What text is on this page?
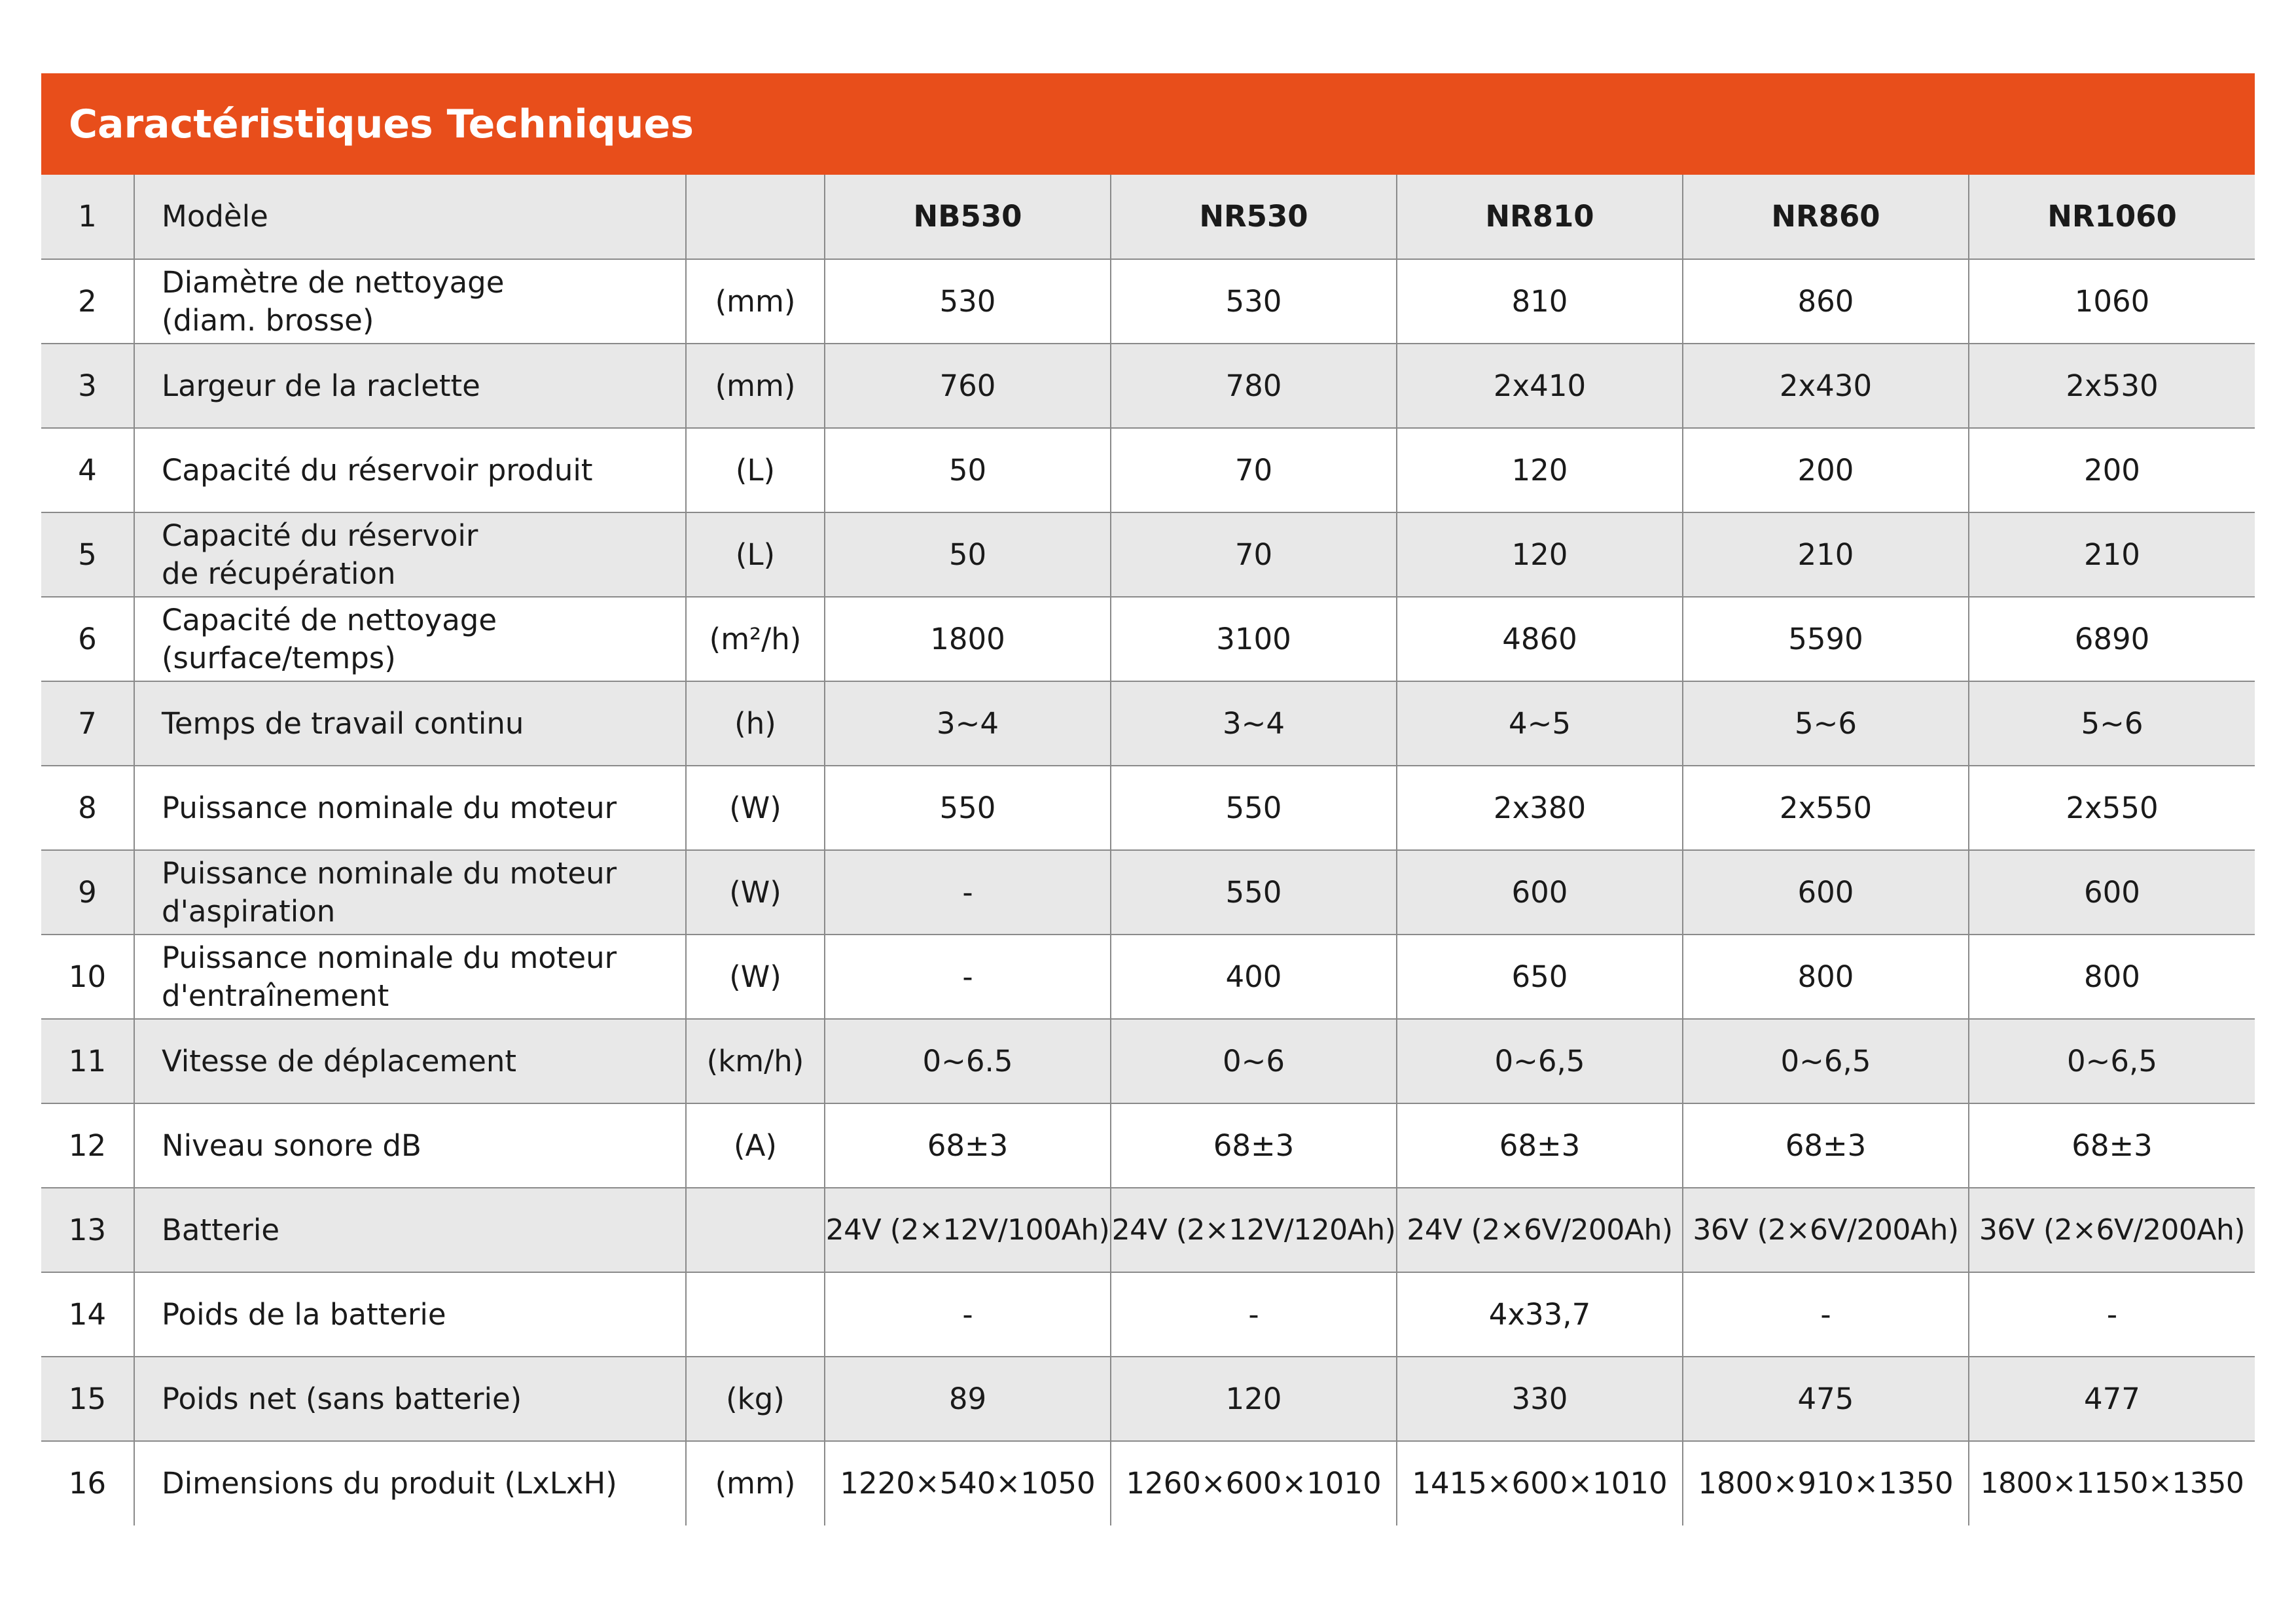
Caractéristiques Techniques
1	Modèle		NB530	NR530	NR810	NR860	NR1060
2	Diamètre de nettoyage
(diam. brosse)	(mm)	530	530	810	860	1060
3	Largeur de la raclette	(mm)	760	780	2x410	2x430	2x530
4	Capacité du réservoir produit	(L)	50	70	120	200	200
5	Capacité du réservoir
de récupération	(L)	50	70	120	210	210
6	Capacité de nettoyage
(surface/temps)	(m²/h)	1800	3100	4860	5590	6890
7	Temps de travail continu	(h)	3~4	3~4	4~5	5~6	5~6
8	Puissance nominale du moteur	(W)	550	550	2x380	2x550	2x550
9	Puissance nominale du moteur
d'aspiration	(W)	-	550	600	600	600
10	Puissance nominale du moteur
d'entraînement	(W)	-	400	650	800	800
11	Vitesse de déplacement	(km/h)	0~6.5	0~6	0~6,5	0~6,5	0~6,5
12	Niveau sonore dB	(A)	68±3	68±3	68±3	68±3	68±3
13	Batterie		24V (2×12V/100Ah)	24V (2×12V/120Ah)	24V (2×6V/200Ah)	36V (2×6V/200Ah)	36V (2×6V/200Ah)
14	Poids de la batterie		-	-	4x33,7	-	-
15	Poids net (sans batterie)	(kg)	89	120	330	475	477
16	Dimensions du produit (LxLxH)	(mm)	1220×540×1050	1260×600×1010	1415×600×1010	1800×910×1350	1800×1150×1350
